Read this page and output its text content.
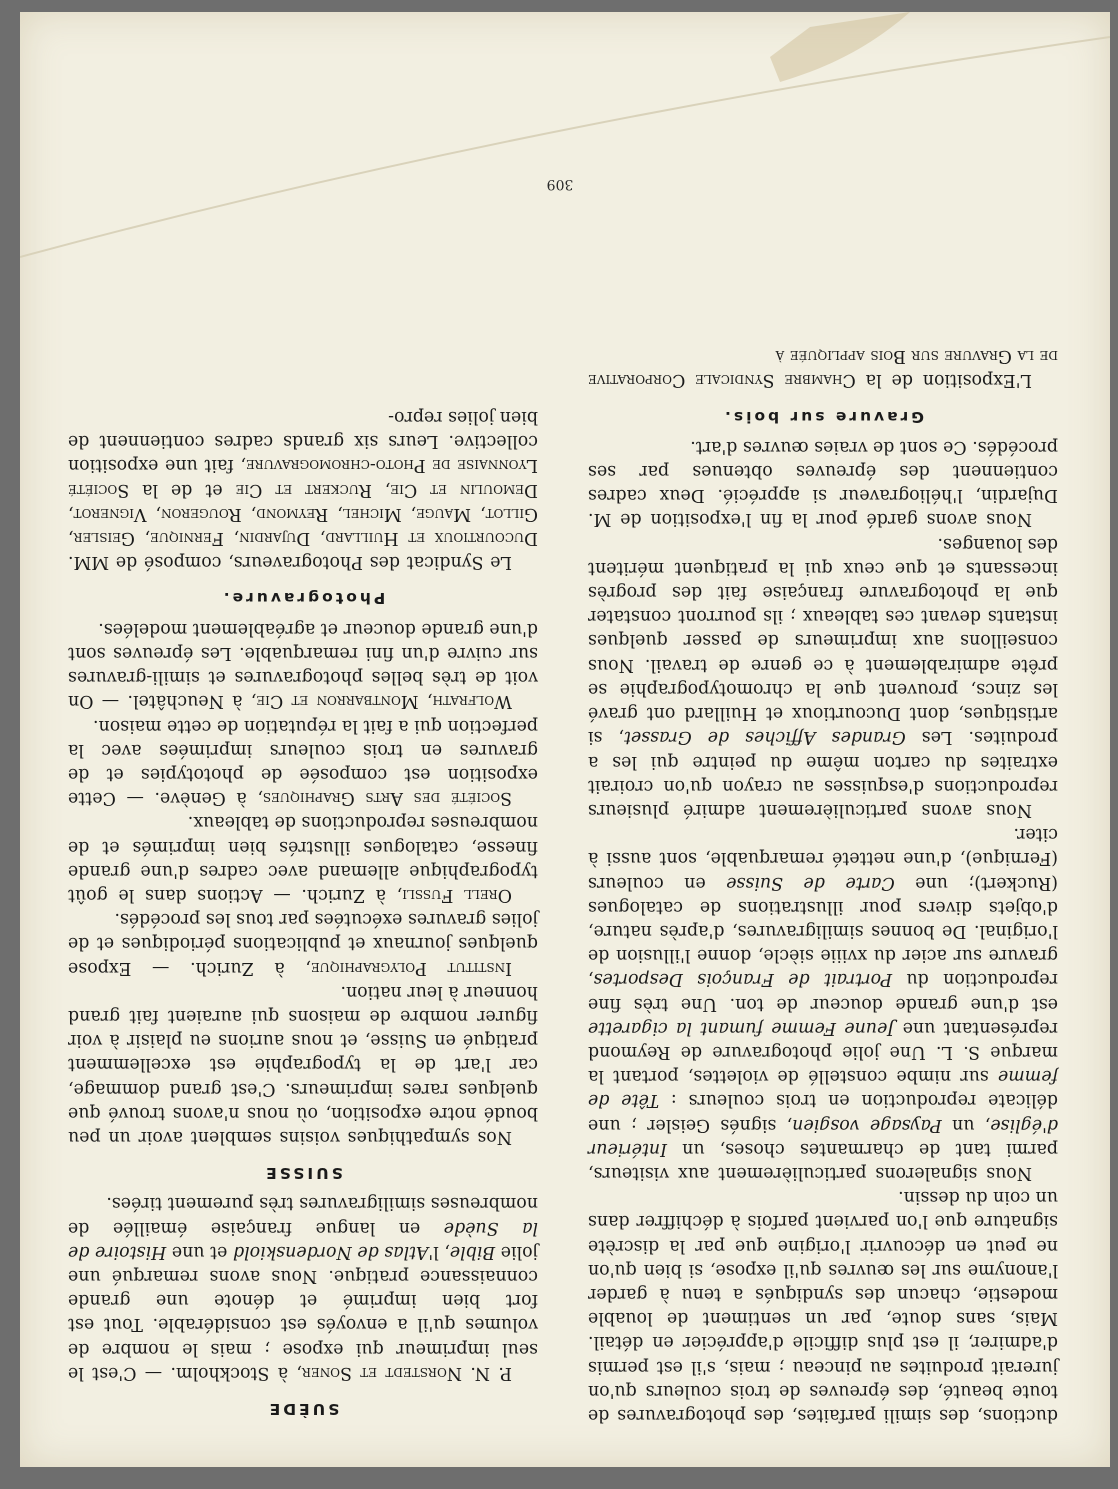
309

ductions, des simili parfaites, des photogravures de toute beauté, des épreuves de trois couleurs qu'on jurerait produites au pinceau ; mais, s'il est permis d'admirer, il est plus difficile d'apprécier en détail. Mais, sans doute, par un sentiment de louable modestie, chacun des syndiqués a tenu à garder l'anonyme sur les œuvres qu'il expose, si bien qu'on ne peut en découvrir l'origine que par la discrète signature que l'on parvient parfois à déchiffrer dans un coin du dessin.

Nous signalerons particulièrement aux visiteurs, parmi tant de charmantes choses, un Intérieur d'église, un Paysage vosgien, signés Geisler ; une délicate reproduction en trois couleurs : Tête de femme sur nimbe constellé de violettes, portant la marque S. L. Une jolie photogravure de Reymond représentant une Jeune Femme fumant la cigarette est d'une grande douceur de ton. Une très fine reproduction du Portrait de François Desportes, gravure sur acier du xviiie siècle, donne l'illusion de l'original. De bonnes similigravures, d'après nature, d'objets divers pour illustrations de catalogues (Ruckert); une Carte de Suisse en couleurs (Fernique), d'une netteté remarquable, sont aussi à citer.

Nous avons particulièrement admiré plusieurs reproductions d'esquisses au crayon qu'on croirait extraites du carton même du peintre qui les a produites. Les Grandes Affiches de Grasset, si artistiques, dont Ducourtioux et Huillard ont gravé les zincs, prouvent que la chromotypographie se prête admirablement à ce genre de travail. Nous conseillons aux imprimeurs de passer quelques instants devant ces tableaux ; ils pourront constater que la photogravure française fait des progrès incessants et que ceux qui la pratiquent méritent des louanges.

Nous avons gardé pour la fin l'exposition de M. Dujardin, l'héliograveur si apprécié. Deux cadres contiennent des épreuves obtenues par ses procédés. Ce sont de vraies œuvres d'art.

Gravure sur bois.

L'Exposition de la Chambre Syndicale Corporative de la Gravure sur Bois appliquée à

SUÈDE

P. N. Norstedt et Soner, à Stockholm. — C'est le seul imprimeur qui expose ; mais le nombre de volumes qu'il a envoyés est considérable. Tout est fort bien imprimé et dénote une grande connaissance pratique. Nous avons remarqué une jolie Bible, l'Atlas de Nordenskiold et une Histoire de la Suède en langue française émaillée de nombreuses similigravures très purement tirées.

SUISSE

Nos sympathiques voisins semblent avoir un peu boudé notre exposition, où nous n'avons trouvé que quelques rares imprimeurs. C'est grand dommage, car l'art de la typographie est excellemment pratiqué en Suisse, et nous aurions eu plaisir à voir figurer nombre de maisons qui auraient fait grand honneur à leur nation.

Institut Polygraphique, à Zurich. — Expose quelques journaux et publications périodiques et de jolies gravures exécutées par tous les procédés.

Orell Fussli, à Zurich. — Actions dans le goût typographique allemand avec cadres d'une grande finesse, catalogues illustrés bien imprimés et de nombreuses reproductions de tableaux.

Société des Arts Graphiques, à Genève. — Cette exposition est composée de phototypies et de gravures en trois couleurs imprimées avec la perfection qui a fait la réputation de cette maison.

Wolfrath, Montbarron et Cie, à Neuchâtel. — On voit de très belles photogravures et simili-gravures sur cuivre d'un fini remarquable. Les épreuves sont d'une grande douceur et agréablement modelées.

Photogravure.

Le Syndicat des Photograveurs, composé de MM. Ducourtioux et Huillard, Dujardin, Fernique, Geisler, Gillot, Mauge, Michel, Reymond, Rougeron, Vignerot, Demoulin et Cie, Ruckert et Cie et de la Société Lyonnaise de Photo-chromogravure, fait une exposition collective. Leurs six grands cadres contiennent de bien jolies repro-
